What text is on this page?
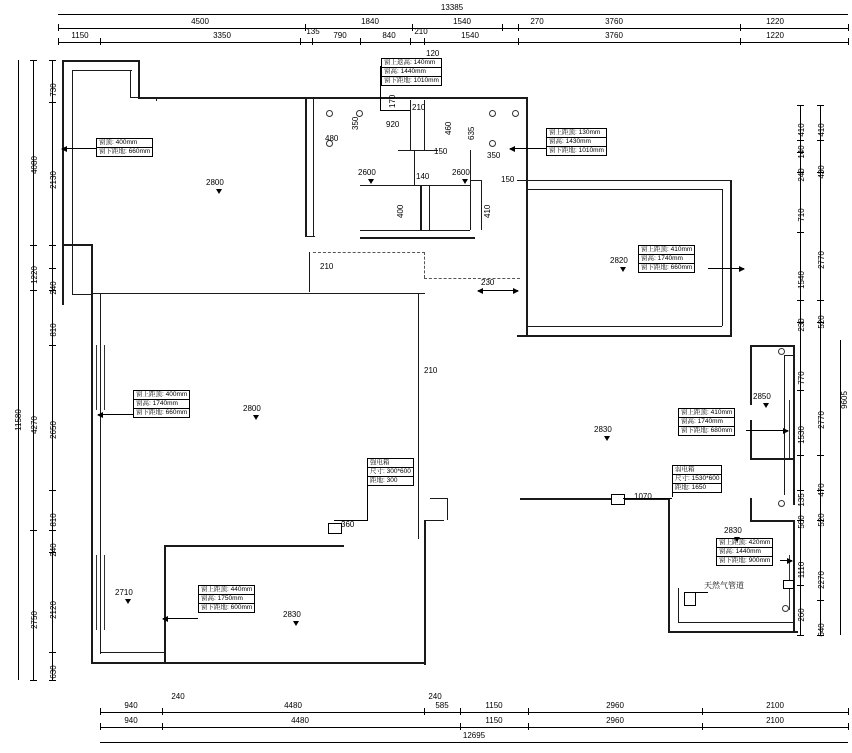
13385
4500	1840	1540	270	3760	1220
1150	3350	135 790	840 210	1540	3760	1220
11580
4080
1220
4270
2750
730
2130
240
810
2650
810
240
2120
630
410
140
240
710
1540
230
770
1530
135
500
1110
260
410
430
2770
520
2770
470
520
2270
640
9605
940	4480	585	1150	2960	2100
940	4480	1150	2960	2100
12695
240	240
窗上返高: 140mm
窗高: 1440mm
窗下距地: 1010mm
窗顶: 400mm
窗下距地: 660mm
窗上距顶: 130mm
窗高: 1430mm
窗下距地: 1010mm
窗上距顶: 410mm
窗高: 1740mm
窗下距地: 660mm
窗上距顶: 400mm
窗高: 1740mm
窗下距地: 660mm	窗上距顶: 410mm
窗高: 1740mm
窗下距地: 680mm
窗上距顶: 440mm
窗高: 1750mm
窗下距地: 600mm
窗上距顶: 420mm
窗高: 1440mm
窗下距地: 900mm
强电箱
尺寸: 300*600
距地: 300
弱电箱
尺寸: 1530*600
距地: 1650
天然气管道
2800
2600	2600
2820
2800
2830
2850
2830
2710
2830
120
170 210
350	920	460 635
480
150	350
140	150
400	410
210
230
210
360
1070
